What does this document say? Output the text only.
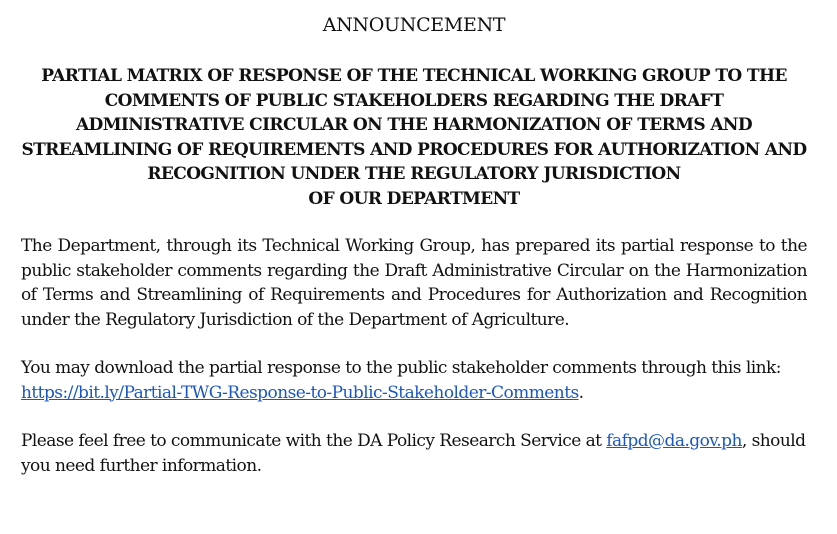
ANNOUNCEMENT
PARTIAL MATRIX OF RESPONSE OF THE TECHNICAL WORKING GROUP TO THE
COMMENTS OF PUBLIC STAKEHOLDERS REGARDING THE DRAFT
ADMINISTRATIVE CIRCULAR ON THE HARMONIZATION OF TERMS AND
STREAMLINING OF REQUIREMENTS AND PROCEDURES FOR AUTHORIZATION AND
RECOGNITION UNDER THE REGULATORY JURISDICTION
OF OUR DEPARTMENT

The Department, through its Technical Working Group, has prepared its partial response to the public stakeholder comments regarding the Draft Administrative Circular on the Harmonization of Terms and Streamlining of Requirements and Procedures for Authorization and Recognition under the Regulatory Jurisdiction of the Department of Agriculture.

You may download the partial response to the public stakeholder comments through this link: https://bit.ly/Partial-TWG-Response-to-Public-Stakeholder-Comments.

Please feel free to communicate with the DA Policy Research Service at fafpd@da.gov.ph, should you need further information.
